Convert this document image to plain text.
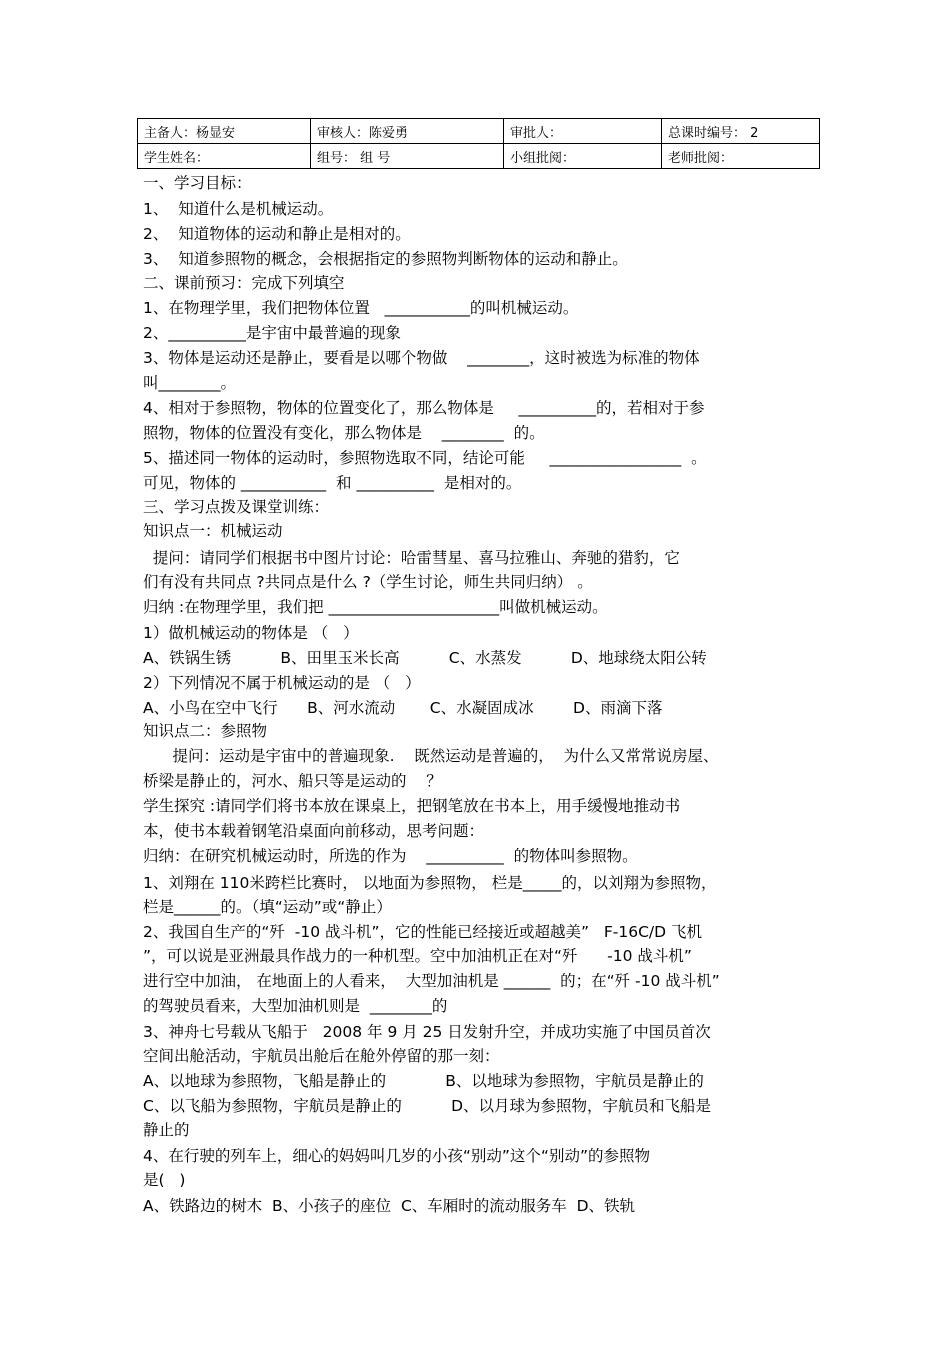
主备人：杨显安	审核人：陈爱勇	审批人：	总课时编号： 2
学生姓名：	组号： 组 号	小组批阅：	老师批阅：
一、学习目标：
1、  知道什么是机械运动。
2、  知道物体的运动和静止是相对的。
3、  知道参照物的概念，会根据指定的参照物判断物体的运动和静止。
二、课前预习：完成下列填空
1、在物理学里，我们把物体位置   ___________的叫机械运动。
2、__________是宇宙中最普遍的现象
3、物体是运动还是静止，要看是以哪个物做    ________，这时被选为标准的物体
叫________。
4、相对于参照物，物体的位置变化了，那么物体是     __________的，若相对于参
照物，物体的位置没有变化，那么物体是    ________  的。
5、描述同一物体的运动时，参照物选取不同，结论可能     _________________  。
可见，物体的 ___________  和 __________  是相对的。
三、学习点拨及课堂训练：
知识点一：机械运动
提问：请同学们根据书中图片讨论：哈雷彗星、喜马拉雅山、奔驰的猎豹，它
们有没有共同点 ?共同点是什么 ?（学生讨论，师生共同归纳） 。
归纳 :在物理学里，我们把 ______________________叫做机械运动。
1）做机械运动的物体是 （   ）
A、铁锅生锈          B、田里玉米长高          C、水蒸发          D、地球绕太阳公转
2）下列情况不属于机械运动的是 （   ）
A、小鸟在空中飞行      B、河水流动       C、水凝固成冰        D、雨滴下落
知识点二：参照物
提问：运动是宇宙中的普遍现象.    既然运动是普遍的，  为什么又常常说房屋、
桥梁是静止的，河水、船只等是运动的    ？
学生探究 :请同学们将书本放在课桌上，把钢笔放在书本上，用手缓慢地推动书
本，使书本载着钢笔沿桌面向前移动，思考问题：
归纳：在研究机械运动时，所选的作为    __________  的物体叫参照物。
1、刘翔在 110米跨栏比赛时， 以地面为参照物， 栏是_____的，以刘翔为参照物，
栏是______的。（填“运动”或“静止）
2、我国自生产的“歼  -10 战斗机”，它的性能已经接近或超越美”   F-16C/D 飞机
”，可以说是亚洲最具作战力的一种机型。空中加油机正在对“歼      -10 战斗机”
进行空中加油， 在地面上的人看来，  大型加油机是 ______  的；在“歼 -10 战斗机”
的驾驶员看来，大型加油机则是  ________的
3、神舟七号载从飞船于   2008 年 9 月 25 日发射升空，并成功实施了中国员首次
空间出舱活动，宇航员出舱后在舱外停留的那一刻：
A、以地球为参照物，飞船是静止的            B、以地球为参照物，宇航员是静止的
C、以飞船为参照物，宇航员是静止的          D、以月球为参照物，宇航员和飞船是
静止的
4、在行驶的列车上，细心的妈妈叫几岁的小孩“别动”这个“别动”的参照物
是(   )
A、铁路边的树木  B、小孩子的座位  C、车厢时的流动服务车  D、铁轨
